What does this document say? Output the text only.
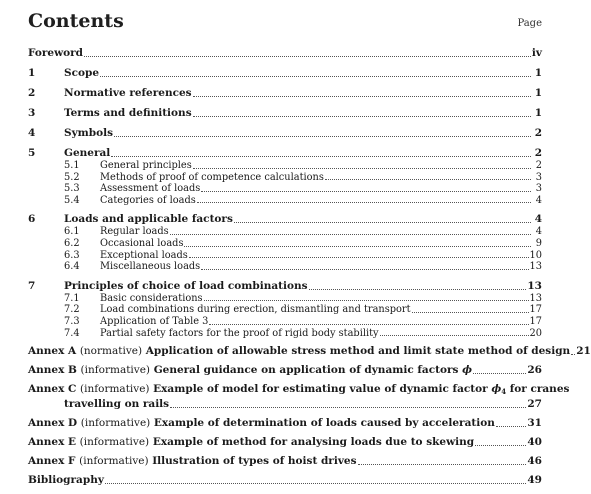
Contents	Page
Foreword	iv
1	Scope	1
2	Normative references	1
3	Terms and definitions	1
4	Symbols	2
5	General	2
5.1	General principles	2
5.2	Methods of proof of competence calculations	3
5.3	Assessment of loads	3
5.4	Categories of loads	4
6	Loads and applicable factors	4
6.1	Regular loads	4
6.2	Occasional loads	9
6.3	Exceptional loads	10
6.4	Miscellaneous loads	13
7	Principles of choice of load combinations	13
7.1	Basic considerations	13
7.2	Load combinations during erection, dismantling and transport	17
7.3	Application of Table 3	17
7.4	Partial safety factors for the proof of rigid body stability	20
Annex A (normative) Application of allowable stress method and limit state method of design 21
Annex B (informative) General guidance on application of dynamic factors ϕ	26
Annex C (informative) Example of model for estimating value of dynamic factor $\phi_4$ for cranes
travelling on rails	27
Annex D (informative) Example of determination of loads caused by acceleration	31
Annex E (informative) Example of method for analysing loads due to skewing	40
Annex F (informative) Illustration of types of hoist drives	46
Bibliography	49
